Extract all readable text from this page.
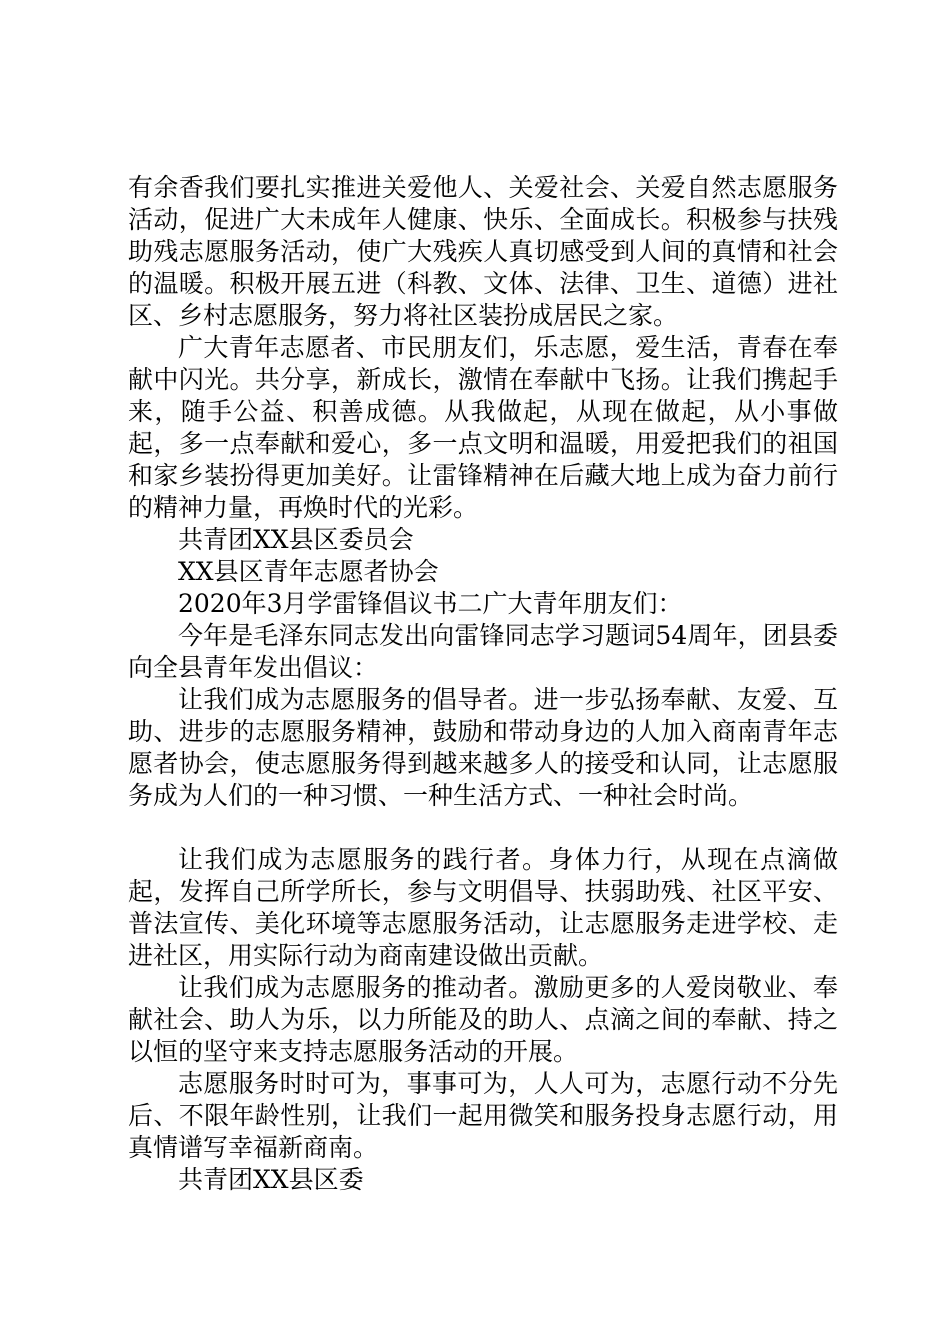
有余香我们要扎实推进关爱他人、关爱社会、关爱自然志愿服务活动，促进广大未成年人健康、快乐、全面成长。积极参与扶残助残志愿服务活动，使广大残疾人真切感受到人间的真情和社会的温暖。积极开展五进（科教、文体、法律、卫生、道德）进社区、乡村志愿服务，努力将社区装扮成居民之家。

广大青年志愿者、市民朋友们，乐志愿，爱生活，青春在奉献中闪光。共分享，新成长，激情在奉献中飞扬。让我们携起手来，随手公益、积善成德。从我做起，从现在做起，从小事做起，多一点奉献和爱心，多一点文明和温暖，用爱把我们的祖国和家乡装扮得更加美好。让雷锋精神在后藏大地上成为奋力前行的精神力量，再焕时代的光彩。

共青团XX县区委员会

XX县区青年志愿者协会

2020年3月学雷锋倡议书二广大青年朋友们：

今年是毛泽东同志发出向雷锋同志学习题词54周年，团县委向全县青年发出倡议：

让我们成为志愿服务的倡导者。进一步弘扬奉献、友爱、互助、进步的志愿服务精神，鼓励和带动身边的人加入商南青年志愿者协会，使志愿服务得到越来越多人的接受和认同，让志愿服务成为人们的一种习惯、一种生活方式、一种社会时尚。

让我们成为志愿服务的践行者。身体力行，从现在点滴做起，发挥自己所学所长，参与文明倡导、扶弱助残、社区平安、普法宣传、美化环境等志愿服务活动，让志愿服务走进学校、走进社区，用实际行动为商南建设做出贡献。

让我们成为志愿服务的推动者。激励更多的人爱岗敬业、奉献社会、助人为乐，以力所能及的助人、点滴之间的奉献、持之以恒的坚守来支持志愿服务活动的开展。

志愿服务时时可为，事事可为，人人可为，志愿行动不分先后、不限年龄性别，让我们一起用微笑和服务投身志愿行动，用真情谱写幸福新商南。

共青团XX县区委
